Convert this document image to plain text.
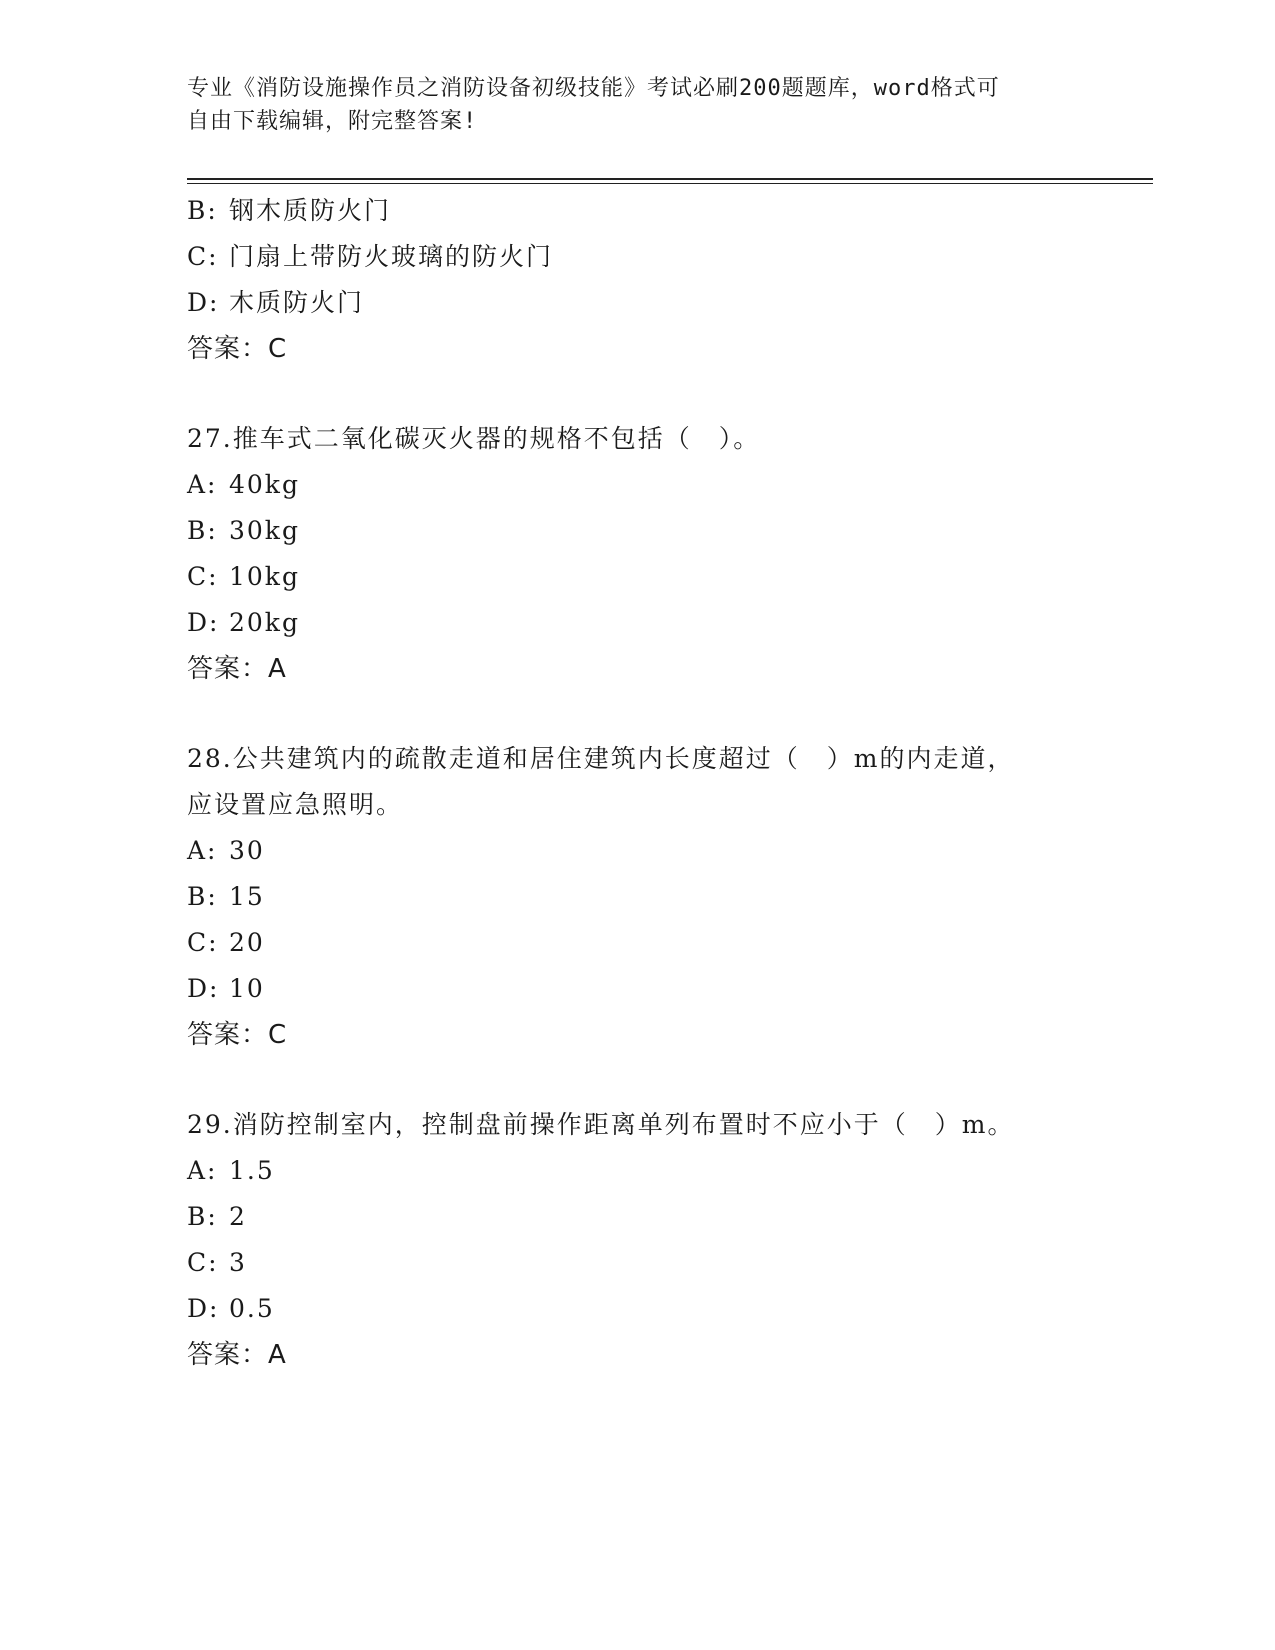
专业《消防设施操作员之消防设备初级技能》考试必刷200题题库，word格式可
自由下载编辑，附完整答案!
B: 钢木质防火门
C: 门扇上带防火玻璃的防火门
D: 木质防火门
答案：C
27.推车式二氧化碳灭火器的规格不包括（　）。
A: 40kg
B: 30kg
C: 10kg
D: 20kg
答案：A
28.公共建筑内的疏散走道和居住建筑内长度超过（　）m的内走道，
应设置应急照明。
A: 30
B: 15
C: 20
D: 10
答案：C
29.消防控制室内，控制盘前操作距离单列布置时不应小于（　）m。
A: 1.5
B: 2
C: 3
D: 0.5
答案：A
